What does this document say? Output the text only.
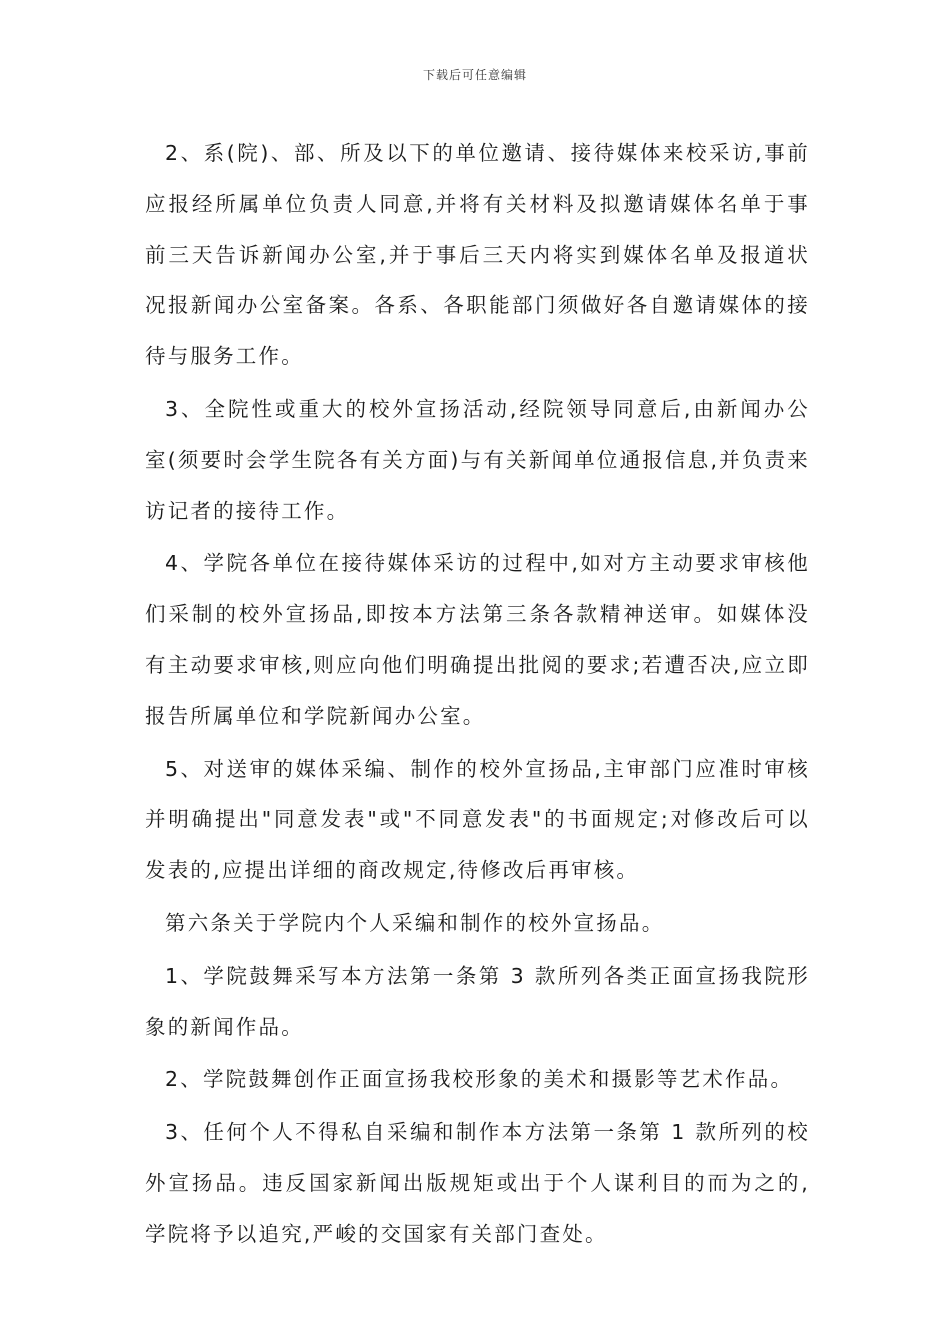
下载后可任意编辑

2、系(院)、部、所及以下的单位邀请、接待媒体来校采访,事前应报经所属单位负责人同意,并将有关材料及拟邀请媒体名单于事前三天告诉新闻办公室,并于事后三天内将实到媒体名单及报道状况报新闻办公室备案。各系、各职能部门须做好各自邀请媒体的接待与服务工作。

3、全院性或重大的校外宣扬活动,经院领导同意后,由新闻办公室(须要时会学生院各有关方面)与有关新闻单位通报信息,并负责来访记者的接待工作。

4、学院各单位在接待媒体采访的过程中,如对方主动要求审核他们采制的校外宣扬品,即按本方法第三条各款精神送审。如媒体没有主动要求审核,则应向他们明确提出批阅的要求;若遭否决,应立即报告所属单位和学院新闻办公室。

5、对送审的媒体采编、制作的校外宣扬品,主审部门应准时审核并明确提出"同意发表"或"不同意发表"的书面规定;对修改后可以发表的,应提出详细的商改规定,待修改后再审核。

第六条关于学院内个人采编和制作的校外宣扬品。

1、学院鼓舞采写本方法第一条第 3 款所列各类正面宣扬我院形象的新闻作品。

2、学院鼓舞创作正面宣扬我校形象的美术和摄影等艺术作品。

3、任何个人不得私自采编和制作本方法第一条第 1 款所列的校外宣扬品。违反国家新闻出版规矩或出于个人谋利目的而为之的,学院将予以追究,严峻的交国家有关部门查处。
